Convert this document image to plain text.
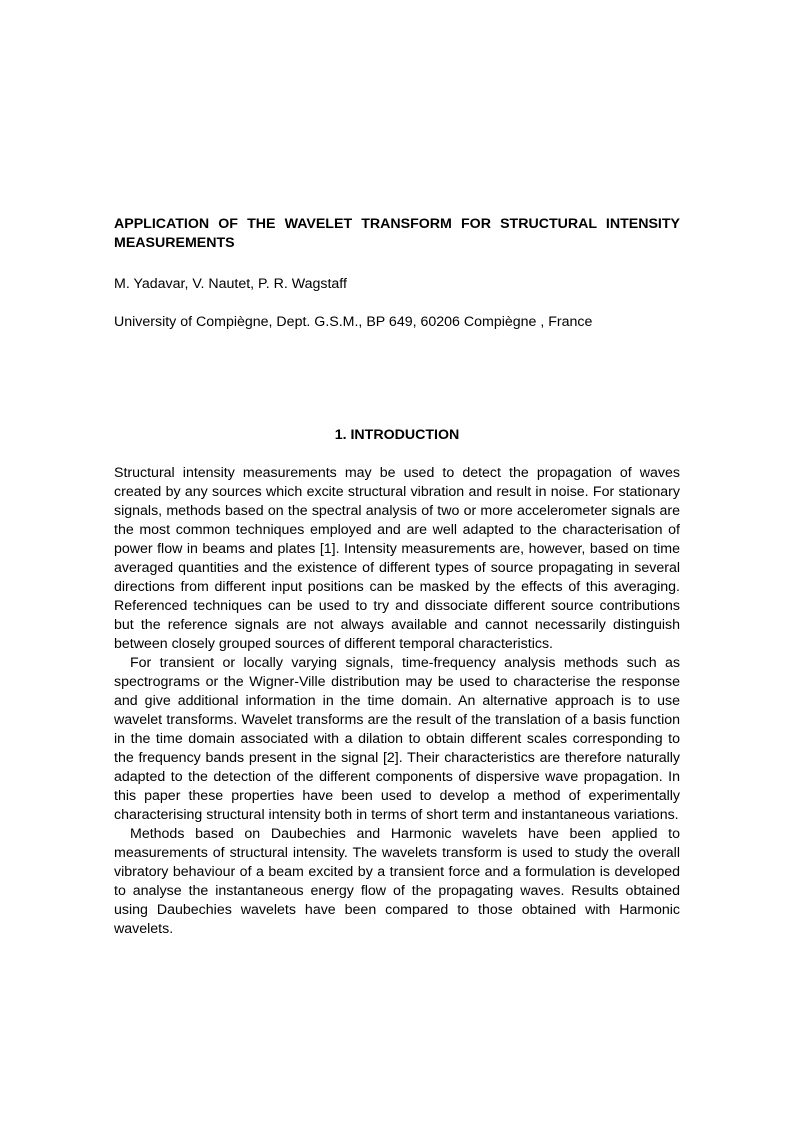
APPLICATION OF THE WAVELET TRANSFORM FOR STRUCTURAL INTENSITY MEASUREMENTS

M. Yadavar, V. Nautet, P. R. Wagstaff

University of Compiègne, Dept. G.S.M., BP 649, 60206 Compiègne , France

1. INTRODUCTION

Structural intensity measurements may be used to detect the propagation of waves created by any sources which excite structural vibration and result in noise. For stationary signals, methods based on the spectral analysis of two or more accelerometer signals are the most common techniques employed and are well adapted to the characterisation of power flow in beams and plates [1]. Intensity measurements are, however, based on time averaged quantities and the existence of different types of source propagating in several directions from different input positions can be masked by the effects of this averaging. Referenced techniques can be used to try and dissociate different source contributions but the reference signals are not always available and cannot necessarily distinguish between closely grouped sources of different temporal characteristics.

For transient or locally varying signals, time-frequency analysis methods such as spectrograms or the Wigner-Ville distribution may be used to characterise the response and give additional information in the time domain. An alternative approach is to use wavelet transforms. Wavelet transforms are the result of the translation of a basis function in the time domain associated with a dilation to obtain different scales corresponding to the frequency bands present in the signal [2]. Their characteristics are therefore naturally adapted to the detection of the different components of dispersive wave propagation. In this paper these properties have been used to develop a method of experimentally characterising structural intensity both in terms of short term and instantaneous variations.

Methods based on Daubechies and Harmonic wavelets have been applied to measurements of structural intensity. The wavelets transform is used to study the overall vibratory behaviour of a beam excited by a transient force and a formulation is developed to analyse the instantaneous energy flow of the propagating waves. Results obtained using Daubechies wavelets have been compared to those obtained with Harmonic wavelets.
